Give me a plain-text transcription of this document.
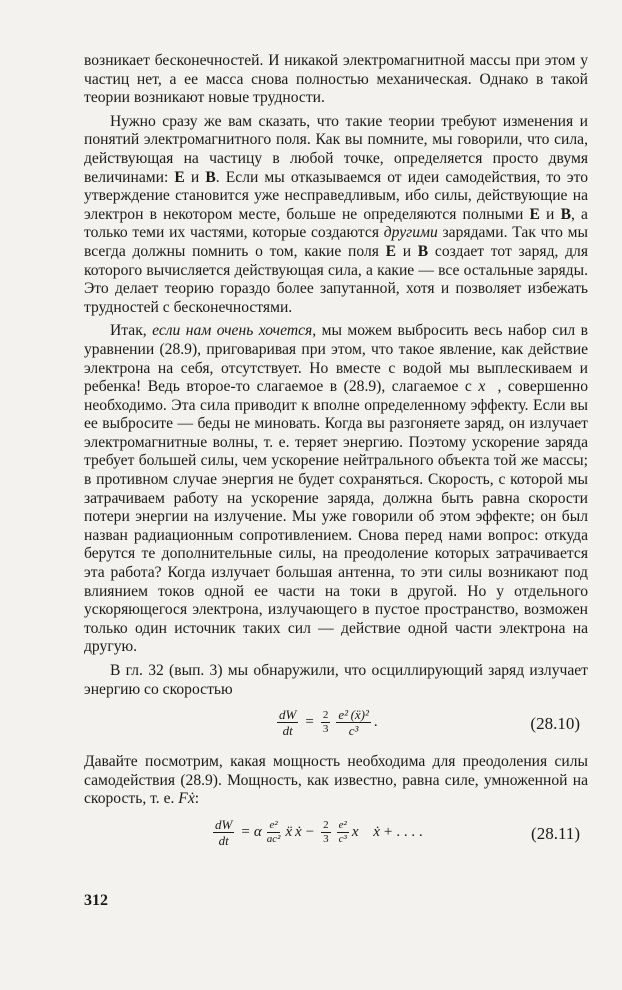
возникает бесконечностей. И никакой электромагнитной массы при этом у частиц нет, а ее масса снова полностью механическая. Однако в такой теории возникают новые трудности.

Нужно сразу же вам сказать, что такие теории требуют изменения и понятий электромагнитного поля. Как вы помните, мы говорили, что сила, действующая на частицу в любой точке, определяется просто двумя величинами: E и B. Если мы отказываемся от идеи самодействия, то это утверждение становится уже несправедливым, ибо силы, действующие на электрон в некотором месте, больше не определяются полными E и B, а только теми их частями, которые создаются другими зарядами. Так что мы всегда должны помнить о том, какие поля E и B создает тот заряд, для которого вычисляется действующая сила, а какие — все остальные заряды. Это делает теорию гораздо более запутанной, хотя и позволяет избежать трудностей с бесконечностями.

Итак, если нам очень хочется, мы можем выбросить весь набор сил в уравнении (28.9), приговаривая при этом, что такое явление, как действие электрона на себя, отсутствует. Но вместе с водой мы выплескиваем и ребенка! Ведь второе-то слагаемое в (28.9), слагаемое с x⃛, совершенно необходимо. Эта сила приводит к вполне определенному эффекту. Если вы ее выбросите — беды не миновать. Когда вы разгоняете заряд, он излучает электромагнитные волны, т. е. теряет энергию. Поэтому ускорение заряда требует большей силы, чем ускорение нейтрального объекта той же массы; в противном случае энергия не будет сохраняться. Скорость, с которой мы затрачиваем работу на ускорение заряда, должна быть равна скорости потери энергии на излучение. Мы уже говорили об этом эффекте; он был назван радиационным сопротивлением. Снова перед нами вопрос: откуда берутся те дополнительные силы, на преодоление которых затрачивается эта работа? Когда излучает большая антенна, то эти силы возникают под влиянием токов одной ее части на токи в другой. Но у отдельного ускоряющегося электрона, излучающего в пустое пространство, возможен только один источник таких сил — действие одной части электрона на другую.

В гл. 32 (вып. 3) мы обнаружили, что осциллирующий заряд излучает энергию со скоростью

$\frac{dW}{dt} = \frac{2}{3} \frac{\text{e² (ẍ)²}}{\text{c³}}$ .	(28.10)

Давайте посмотрим, какая мощность необходима для преодоления силы самодействия (28.9). Мощность, как известно, равна силе, умноженной на скорость, т. е. Fẋ:

$\frac{dW}{dt} = \alpha \frac{\text{e²}}{\text{ac²}}$ ẍ ẋ − $\frac{2}{3} \frac{\text{e²}}{\text{c³}}$ x⃛ ẋ + . . . .	(28.11)
312
